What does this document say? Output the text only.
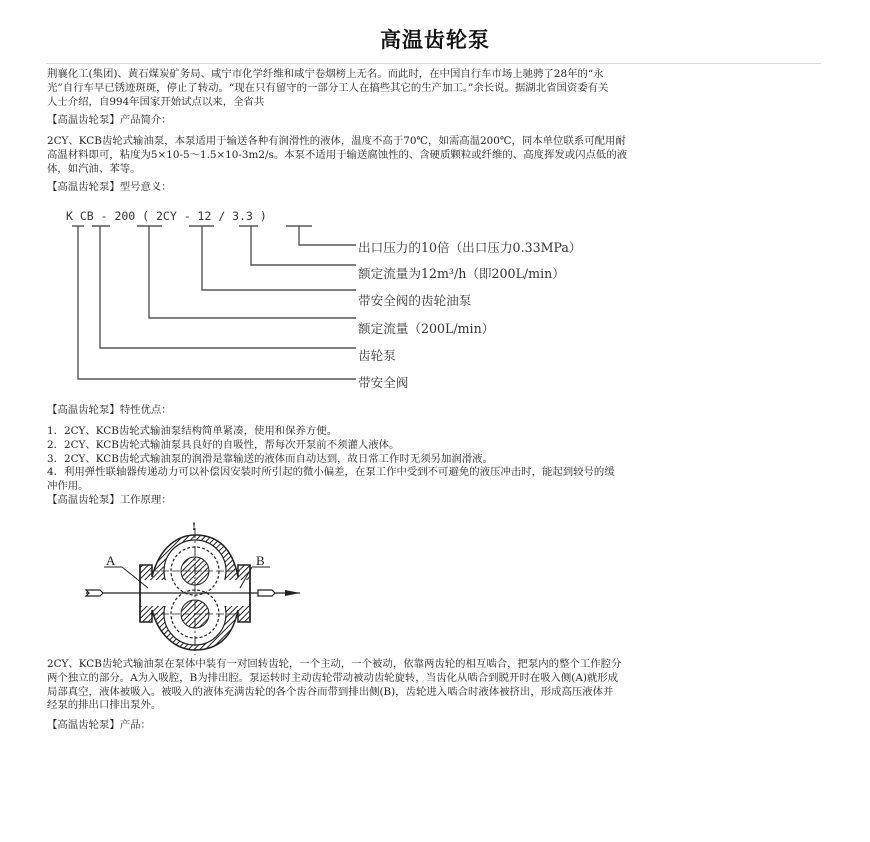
高温齿轮泵
荆襄化工(集团)、黄石煤炭矿务局、咸宁市化学纤维和咸宁卷烟榜上无名。而此时，在中国自行车市场上驰骋了28年的“永
光”自行车早已锈迹斑斑，停止了转动。“现在只有留守的一部分工人在搞些其它的生产加工。”余长说。据湖北省国资委有关
人士介绍，自994年国家开始试点以来，全省共
【高温齿轮泵】产品简介：
2CY、KCB齿轮式输油泵，本泵适用于输送各种有润滑性的液体，温度不高于70℃，如需高温200℃，同本单位联系可配用耐
高温材料即可，粘度为5×10-5～1.5×10-3m2/s。本泵不适用于输送腐蚀性的、含硬质颗粒或纤维的、高度挥发或闪点低的液
体，如汽油、苯等。
【高温齿轮泵】型号意义：
K CB - 200 ( 2CY - 12 / 3.3 )
出口压力的10倍（出口压力0.33MPa）
额定流量为12m³/h（即200L/min）
带安全阀的齿轮油泵
额定流量（200L/min）
齿轮泵
带安全阀
【高温齿轮泵】特性优点：
1．2CY、KCB齿轮式输油泵结构简单紧凑，使用和保养方便。
2．2CY、KCB齿轮式输油泵具良好的自吸性，帮每次开泵前不须灌人液体。
3．2CY、KCB齿轮式输油泵的润滑是靠输送的液体而自动达到，故日常工作时无须另加润滑液。
4．利用弹性联轴器传递动力可以补偿因安装时所引起的微小偏差，在泵工作中受到不可避免的液压冲击时，能起到较号的缓
冲作用。
【高温齿轮泵】工作原理：
A	B
!
2CY、KCB齿轮式输油泵在泵体中装有一对回转齿轮，一个主动，一个被动，依靠两齿轮的相互啮合，把泵内的整个工作腔分
两个独立的部分。A为入吸腔，B为排出腔。泵运转时主动齿轮带动被动齿轮旋转，当齿化从啮合到脱开时在吸入侧(A)就形成
局部真空，液体被吸入。被吸入的液体充满齿轮的各个齿谷而带到排出侧(B)，齿轮进入啮合时液体被挤出，形成高压液体并
经泵的排出口排出泵外。
【高温齿轮泵】产品：
